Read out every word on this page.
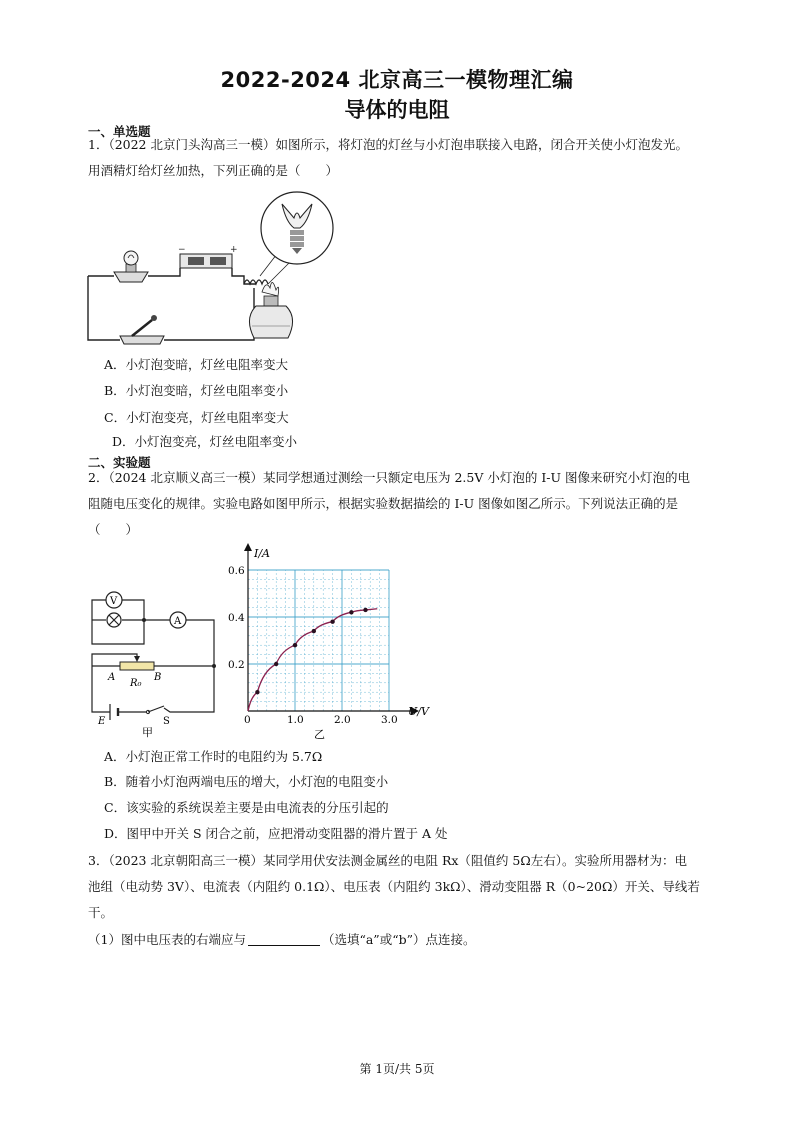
2022-2024 北京高三一模物理汇编
导体的电阻
一、单选题
1．（2022 北京门头沟高三一模）如图所示，将灯泡的灯丝与小灯泡串联接入电路，闭合开关使小灯泡发光。
用酒精灯给灯丝加热，下列正确的是（　　）
−	+
A．小灯泡变暗，灯丝电阻率变大
B．小灯泡变暗，灯丝电阻率变小
C．小灯泡变亮，灯丝电阻率变大
D．小灯泡变亮，灯丝电阻率变小
二、实验题
2．（2024 北京顺义高三一模）某同学想通过测绘一只额定电压为 2.5V 小灯泡的 I-U 图像来研究小灯泡的电
阻随电压变化的规律。实验电路如图甲所示，根据实验数据描绘的 I-U 图像如图乙所示。下列说法正确的是
（　　）
V
A
A	B
R₀
E	S
甲
I/A
U/V
0	1.0	2.0	3.0
0.2
0.4
0.6
乙
A．小灯泡正常工作时的电阻约为 5.7Ω
B．随着小灯泡两端电压的增大，小灯泡的电阻变小
C．该实验的系统误差主要是由电流表的分压引起的
D．图甲中开关 S 闭合之前，应把滑动变阻器的滑片置于 A 处
3．（2023 北京朝阳高三一模）某同学用伏安法测金属丝的电阻 Rx（阻值约 5Ω左右）。实验所用器材为：电
池组（电动势 3V）、电流表（内阻约 0.1Ω）、电压表（内阻约 3kΩ）、滑动变阻器 R（0~20Ω）开关、导线若
干。
（1）图中电压表的右端应与	（选填“a”或“b”）点连接。
第 1页/共 5页
